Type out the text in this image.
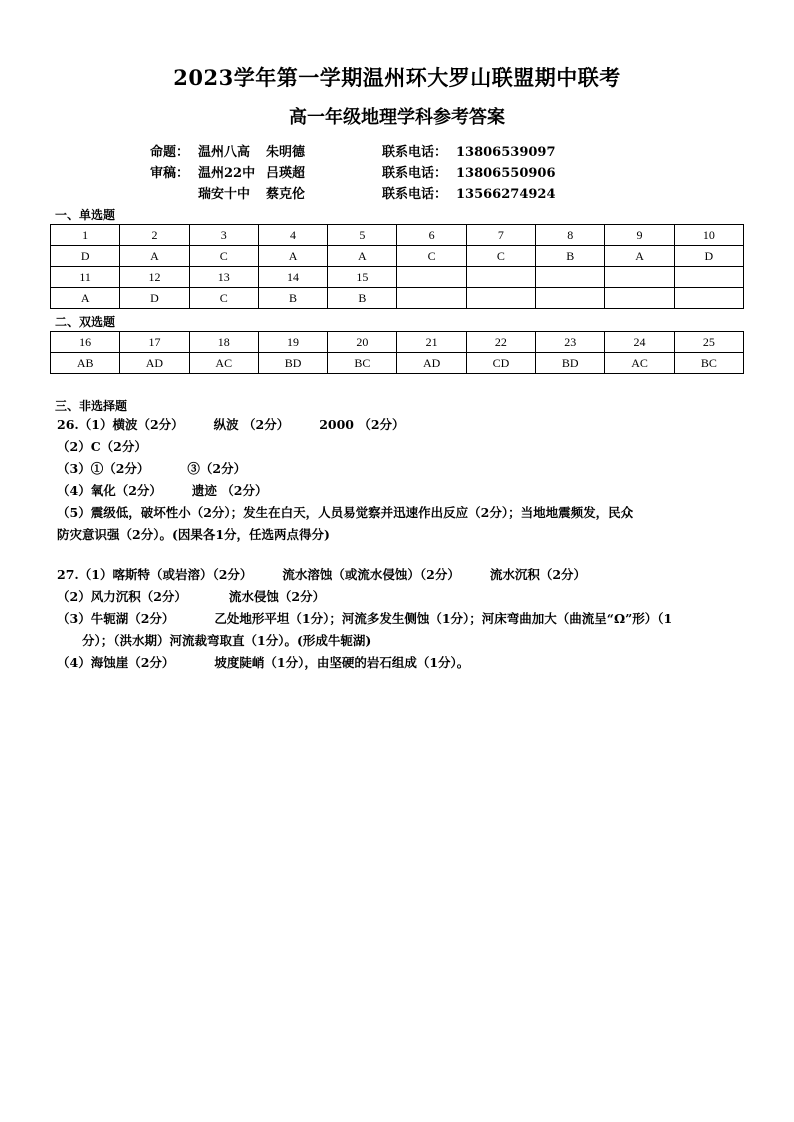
2023学年第一学期温州环大罗山联盟期中联考
高一年级地理学科参考答案
命题： 温州八高 朱明德	联系电话： 13806539097
审稿： 温州22中 吕瑛超	联系电话： 13806550906
瑞安十中 蔡克伦	联系电话： 13566274924
一、单选题
1	2	3	4	5	6	7	8	9	10
D	A	C	A	A	C	C	B	A	D
11	12	13	14	15					
A	D	C	B	B					
二、双选题
16	17	18	19	20	21	22	23	24	25
AB	AD	AC	BD	BC	AD	CD	BD	AC	BC
三、非选择题
26.（1）横波（2分） 纵波 （2分） 2000 （2分）
（2）C（2分）
（3）①（2分）	③（2分）
（4）氧化（2分） 遗迹 （2分）
（5）震级低，破坏性小（2分）；发生在白天，人员易觉察并迅速作出反应（2分）；当地地震频发，民众
防灾意识强（2分）。(因果各1分，任选两点得分)
27.（1）喀斯特（或岩溶）（2分） 流水溶蚀（或流水侵蚀）（2分） 流水沉积（2分）
（2）风力沉积（2分）	流水侵蚀（2分）
（3）牛轭湖（2分）	乙处地形平坦（1分）；河流多发生侧蚀（1分）；河床弯曲加大（曲流呈“Ω”形）（1
　　分）；（洪水期）河流裁弯取直（1分）。(形成牛轭湖)
（4）海蚀崖（2分）	坡度陡峭（1分），由坚硬的岩石组成（1分）。
